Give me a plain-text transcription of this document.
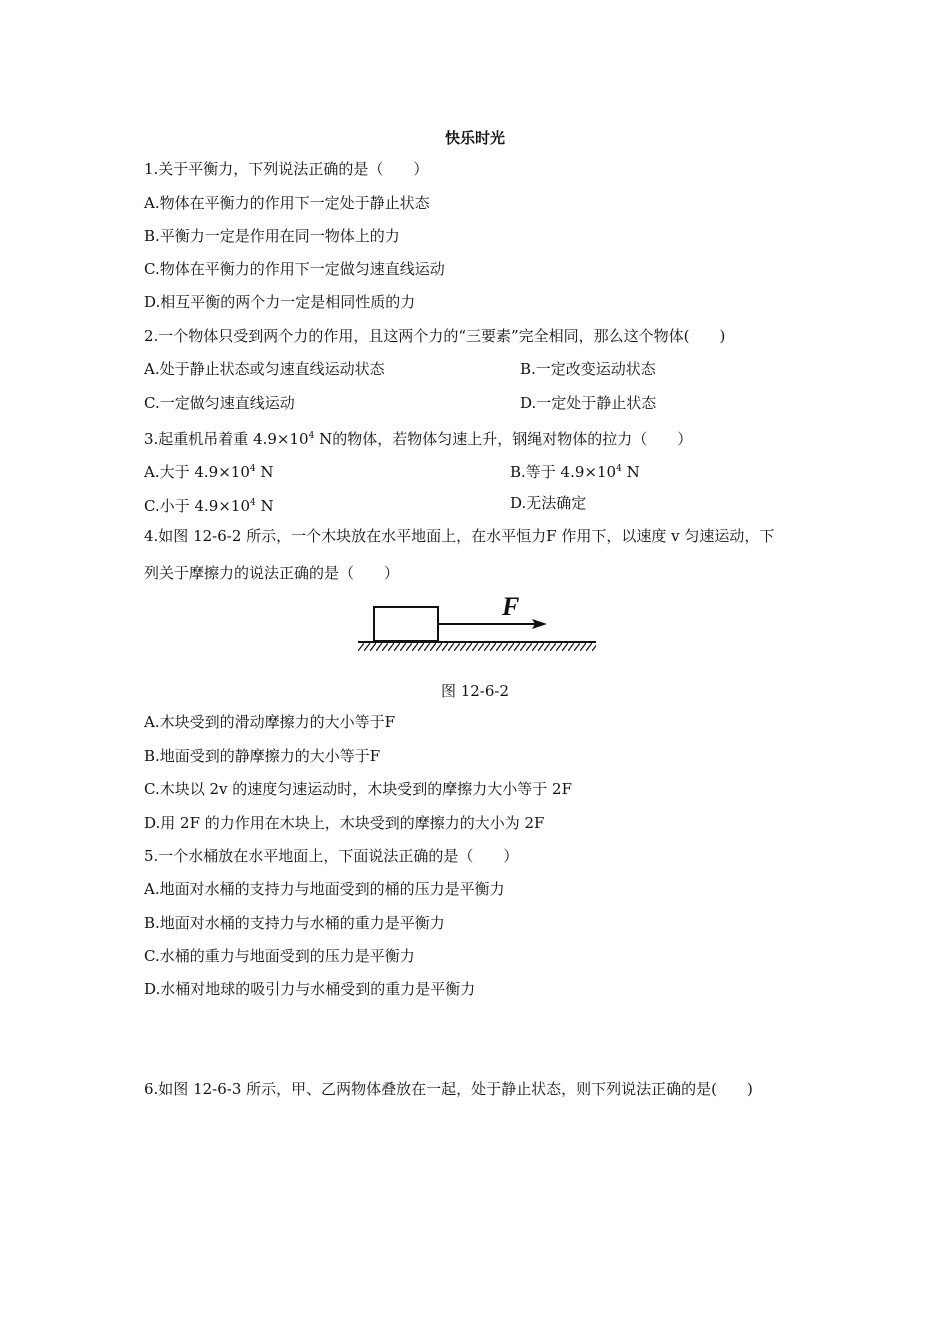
快乐时光
1.关于平衡力，下列说法正确的是（　　）
A.物体在平衡力的作用下一定处于静止状态
B.平衡力一定是作用在同一物体上的力
C.物体在平衡力的作用下一定做匀速直线运动
D.相互平衡的两个力一定是相同性质的力
2.一个物体只受到两个力的作用，且这两个力的“三要素”完全相同，那么这个物体(　　)
A.处于静止状态或匀速直线运动状态	B.一定改变运动状态
C.一定做匀速直线运动	D.一定处于静止状态
3.起重机吊着重 $4.9\times 10^4$ N的物体，若物体匀速上升，钢绳对物体的拉力（　　）
A.大于 $4.9\times 10^4$ N	B.等于 $4.9\times 10^4$ N
C.小于 $4.9\times 10^4$ N	D.无法确定
4.如图 12-6-2 所示，一个木块放在水平地面上，在水平恒力F 作用下，以速度 v 匀速运动，下
列关于摩擦力的说法正确的是（　　）
F
图 12-6-2
A.木块受到的滑动摩擦力的大小等于F
B.地面受到的静摩擦力的大小等于F
C.木块以 2v 的速度匀速运动时，木块受到的摩擦力大小等于 2F
D.用 2F 的力作用在木块上，木块受到的摩擦力的大小为 2F
5.一个水桶放在水平地面上，下面说法正确的是（　　）
A.地面对水桶的支持力与地面受到的桶的压力是平衡力
B.地面对水桶的支持力与水桶的重力是平衡力
C.水桶的重力与地面受到的压力是平衡力
D.水桶对地球的吸引力与水桶受到的重力是平衡力
6.如图 12-6-3 所示，甲、乙两物体叠放在一起，处于静止状态，则下列说法正确的是(　　)
